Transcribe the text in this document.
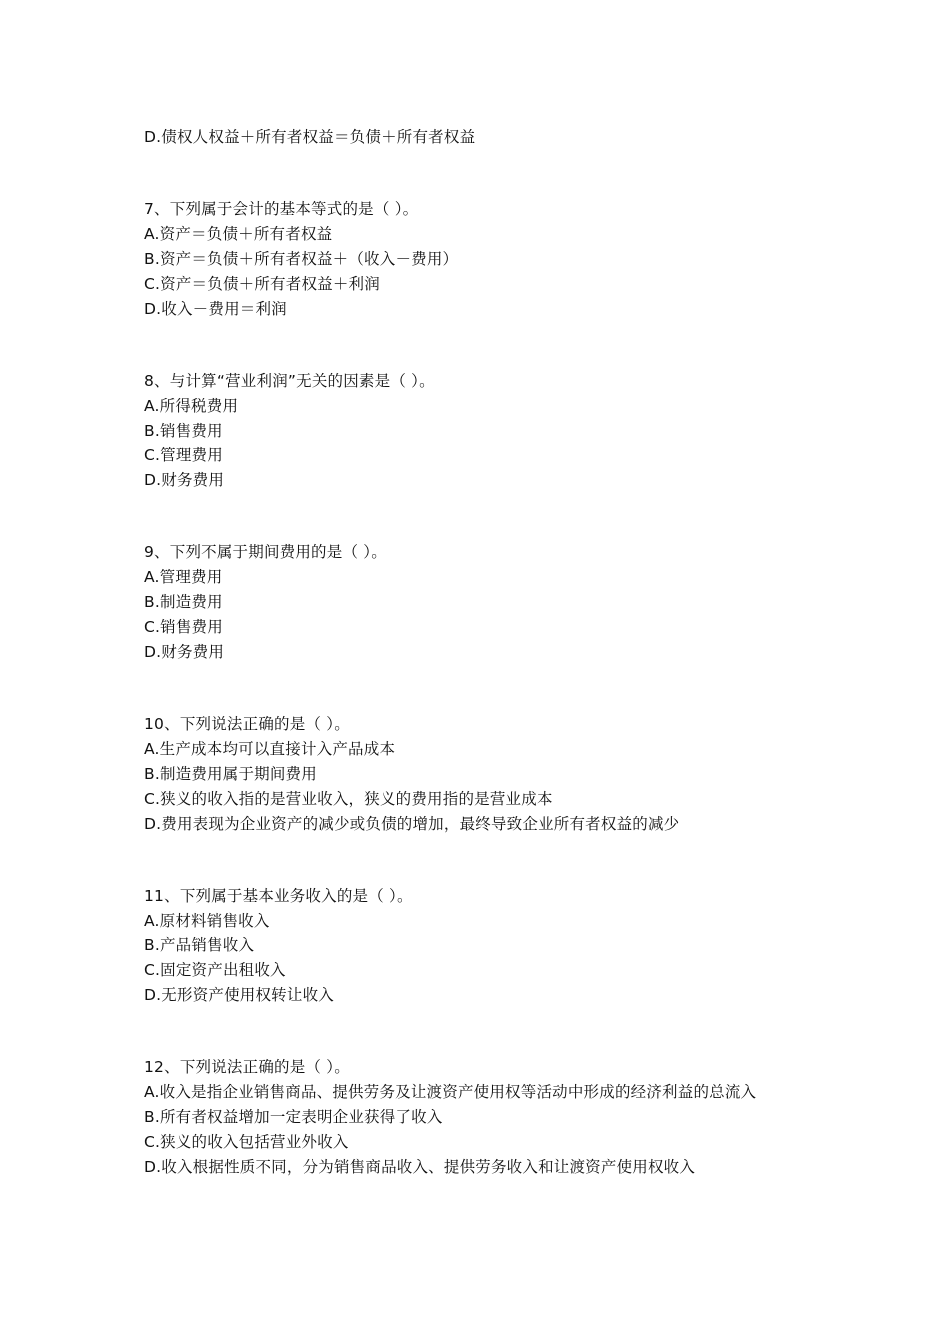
D.债权人权益＋所有者权益＝负债＋所有者权益
7、下列属于会计的基本等式的是（ ）。
A.资产＝负债＋所有者权益
B.资产＝负债＋所有者权益＋（收入－费用）
C.资产＝负债＋所有者权益＋利润
D.收入－费用＝利润
8、与计算“营业利润”无关的因素是（ ）。
A.所得税费用
B.销售费用
C.管理费用
D.财务费用
9、下列不属于期间费用的是（ ）。
A.管理费用
B.制造费用
C.销售费用
D.财务费用
10、下列说法正确的是（ ）。
A.生产成本均可以直接计入产品成本
B.制造费用属于期间费用
C.狭义的收入指的是营业收入，狭义的费用指的是营业成本
D.费用表现为企业资产的减少或负债的增加，最终导致企业所有者权益的减少
11、下列属于基本业务收入的是（ ）。
A.原材料销售收入
B.产品销售收入
C.固定资产出租收入
D.无形资产使用权转让收入
12、下列说法正确的是（ ）。
A.收入是指企业销售商品、提供劳务及让渡资产使用权等活动中形成的经济利益的总流入
B.所有者权益增加一定表明企业获得了收入
C.狭义的收入包括营业外收入
D.收入根据性质不同，分为销售商品收入、提供劳务收入和让渡资产使用权收入
